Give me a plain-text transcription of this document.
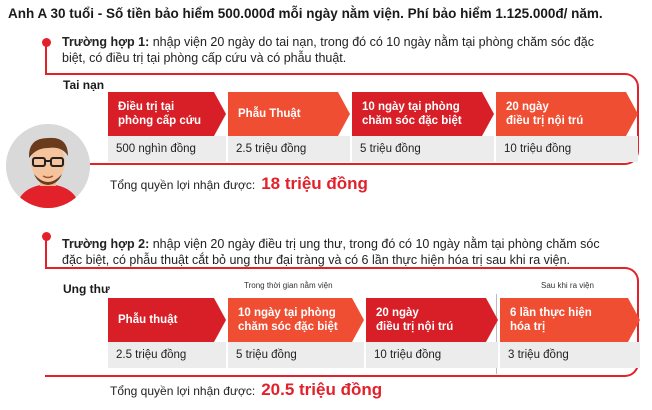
Anh A 30 tuổi - Số tiền bảo hiểm 500.000đ mỗi ngày nằm viện. Phí bảo hiểm 1.125.000đ/ năm.
Trường hợp 1: nhập viện 20 ngày do tai nạn, trong đó có 10 ngày nằm tại phòng chăm sóc đặc
biệt, có điều trị tại phòng cấp cứu và có phẫu thuật.
Tai nạn
Điều trị tại
phòng cấp cứu
500 nghìn đồng
Phẫu Thuật
2.5 triệu đồng
10 ngày tại phòng
chăm sóc đặc biệt
5 triệu đồng
20 ngày
điều trị nội trú
10 triệu đồng
Tổng quyền lợi nhận được: 18 triệu đồng
Trường hợp 2: nhập viện 20 ngày điều trị ung thư, trong đó có 10 ngày nằm tại phòng chăm sóc
đặc biệt, có phẫu thuật cắt bỏ ung thư đại tràng và có 6 lần thực hiện hóa trị sau khi ra viện.
Ung thư	Trong thời gian nằm viện	Sau khi ra viện
Phẫu thuật
2.5 triệu đồng
10 ngày tại phòng
chăm sóc đặc biệt
5 triệu đồng
20 ngày
điều trị nội trú
10 triệu đồng
6 lần thực hiện
hóa trị
3 triệu đồng
Tổng quyền lợi nhận được: 20.5 triệu đồng
